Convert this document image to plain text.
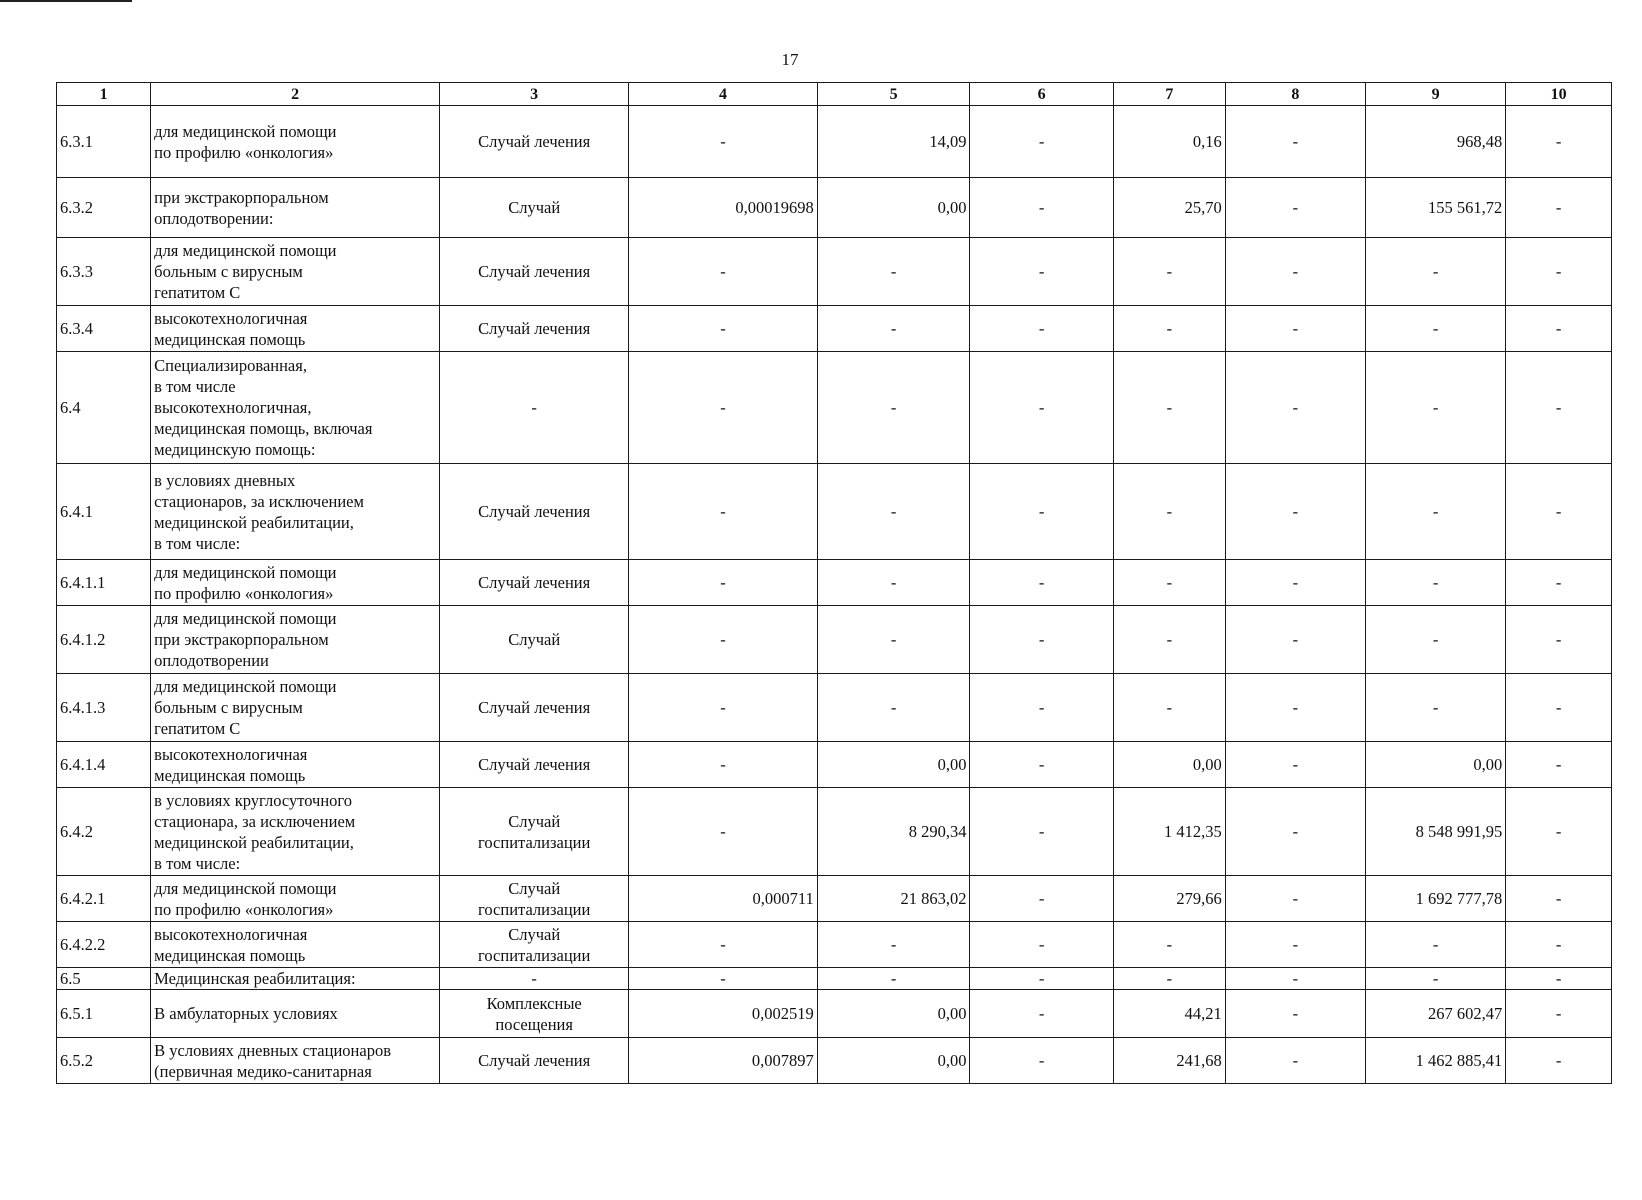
17
1	2	3	4	5	6	7	8	9	10
6.3.1	для медицинской помощи
по профилю «онкология»	Случай лечения	-	14,09	-	0,16	-	968,48	-
6.3.2	при экстракорпоральном
оплодотворении:	Случай	0,00019698	0,00	-	25,70	-	155 561,72	-
6.3.3	для медицинской помощи
больным с вирусным
гепатитом С	Случай лечения	-	-	-	-	-	-	-
6.3.4	высокотехнологичная
медицинская помощь	Случай лечения	-	-	-	-	-	-	-
6.4	Специализированная,
в том числе
высокотехнологичная,
медицинская помощь, включая
медицинскую помощь:	-	-	-	-	-	-	-	-
6.4.1	в условиях дневных
стационаров, за исключением
медицинской реабилитации,
в том числе:	Случай лечения	-	-	-	-	-	-	-
6.4.1.1	для медицинской помощи
по профилю «онкология»	Случай лечения	-	-	-	-	-	-	-
6.4.1.2	для медицинской помощи
при экстракорпоральном
оплодотворении	Случай	-	-	-	-	-	-	-
6.4.1.3	для медицинской помощи
больным с вирусным
гепатитом С	Случай лечения	-	-	-	-	-	-	-
6.4.1.4	высокотехнологичная
медицинская помощь	Случай лечения	-	0,00	-	0,00	-	0,00	-
6.4.2	в условиях круглосуточного
стационара, за исключением
медицинской реабилитации,
в том числе:	Случай
госпитализации	-	8 290,34	-	1 412,35	-	8 548 991,95	-
6.4.2.1	для медицинской помощи
по профилю «онкология»	Случай
госпитализации	0,000711	21 863,02	-	279,66	-	1 692 777,78	-
6.4.2.2	высокотехнологичная
медицинская помощь	Случай
госпитализации	-	-	-	-	-	-	-
6.5	Медицинская реабилитация:	-	-	-	-	-	-	-	-
6.5.1	В амбулаторных условиях	Комплексные
посещения	0,002519	0,00	-	44,21	-	267 602,47	-
6.5.2	В условиях дневных стационаров
(первичная медико-санитарная	Случай лечения	0,007897	0,00	-	241,68	-	1 462 885,41	-
